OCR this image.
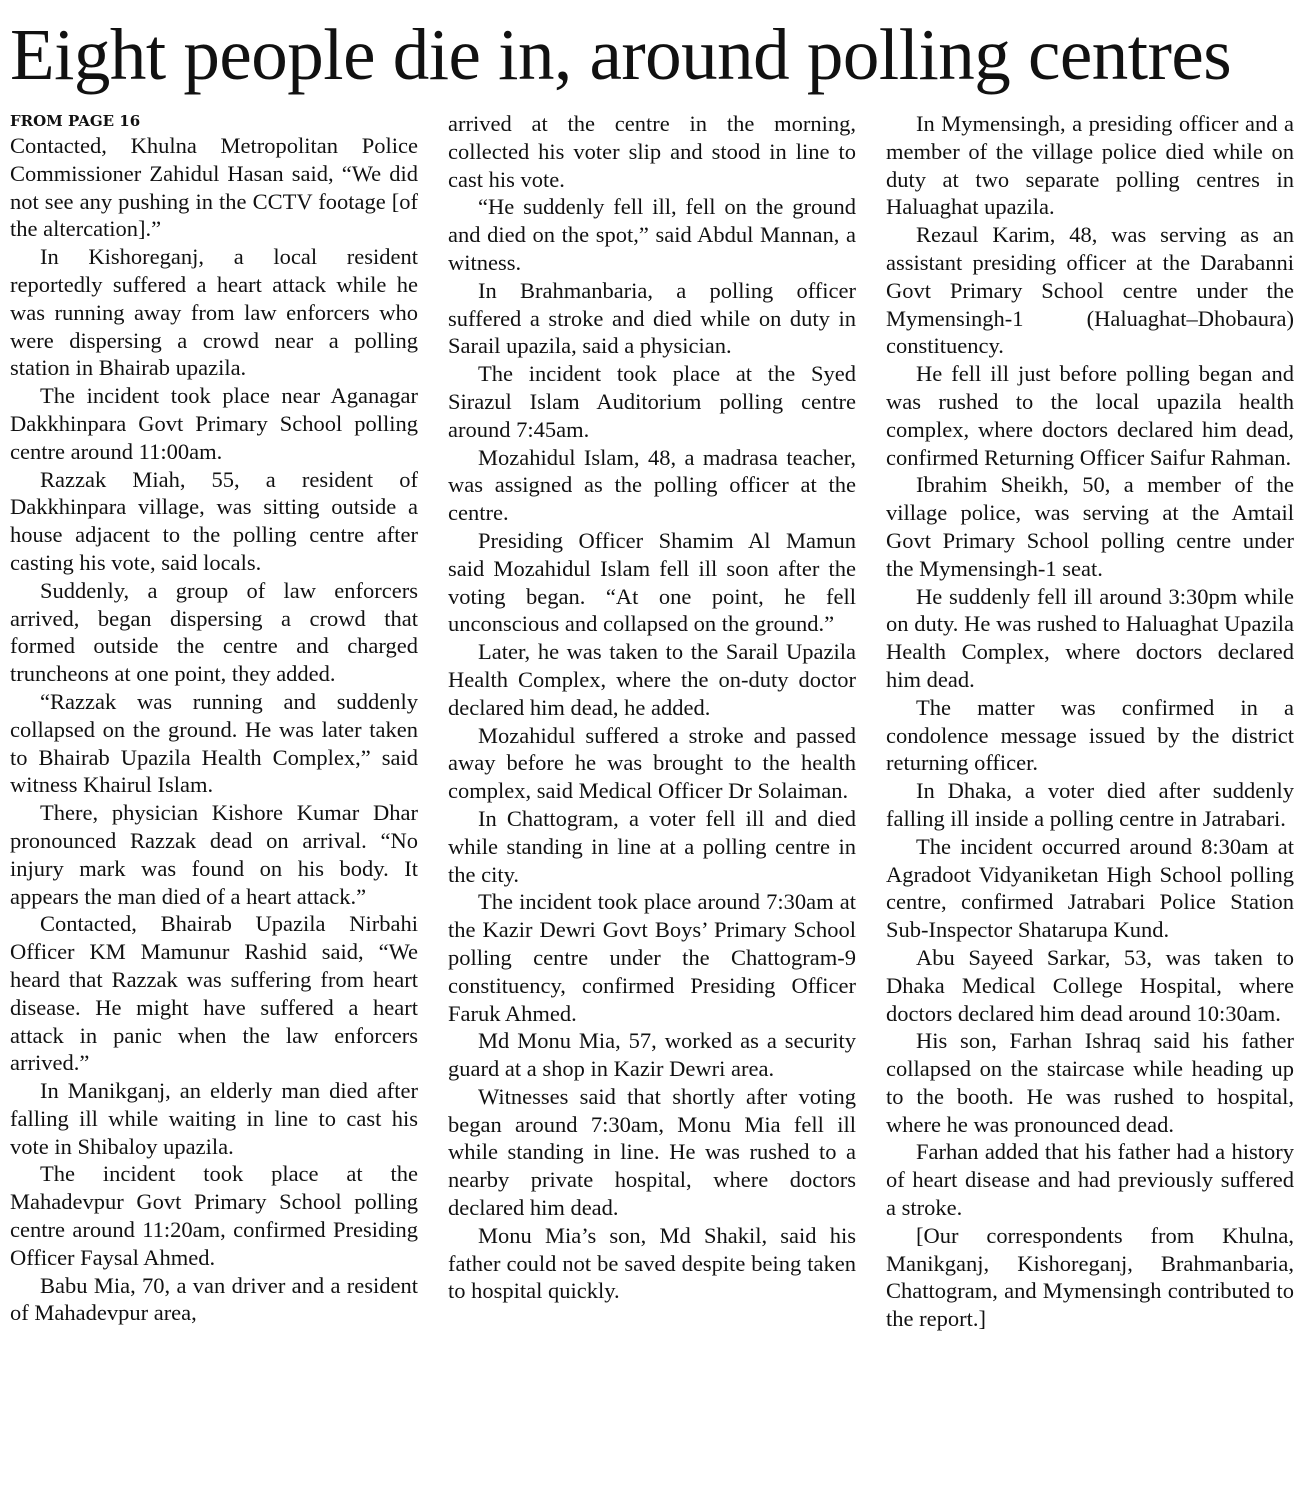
Eight people die in, around polling centres
FROM PAGE 16

Contacted, Khulna Metropolitan Police Commissioner Zahidul Hasan said, “We did not see any pushing in the CCTV footage [of the altercation].”

In Kishoreganj, a local resident reportedly suffered a heart attack while he was running away from law enforcers who were dispersing a crowd near a polling station in Bhairab upazila.

The incident took place near Aganagar Dakkhinpara Govt Primary School polling centre around 11:00am.

Razzak Miah, 55, a resident of Dakkhinpara village, was sitting outside a house adjacent to the polling centre after casting his vote, said locals.

Suddenly, a group of law enforcers arrived, began dispersing a crowd that formed outside the centre and charged truncheons at one point, they added.

“Razzak was running and suddenly collapsed on the ground. He was later taken to Bhairab Upazila Health Complex,” said witness Khairul Islam.

There, physician Kishore Kumar Dhar pronounced Razzak dead on arrival. “No injury mark was found on his body. It appears the man died of a heart attack.”

Contacted, Bhairab Upazila Nirbahi Officer KM Mamunur Rashid said, “We heard that Razzak was suffering from heart disease. He might have suffered a heart attack in panic when the law enforcers arrived.”

In Manikganj, an elderly man died after falling ill while waiting in line to cast his vote in Shibaloy upazila.

The incident took place at the Mahadevpur Govt Primary School polling centre around 11:20am, confirmed Presiding Officer Faysal Ahmed.

Babu Mia, 70, a van driver and a resident of Mahadevpur area,

arrived at the centre in the morning, collected his voter slip and stood in line to cast his vote.

“He suddenly fell ill, fell on the ground and died on the spot,” said Abdul Mannan, a witness.

In Brahmanbaria, a polling officer suffered a stroke and died while on duty in Sarail upazila, said a physician.

The incident took place at the Syed Sirazul Islam Auditorium polling centre around 7:45am.

Mozahidul Islam, 48, a madrasa teacher, was assigned as the polling officer at the centre.

Presiding Officer Shamim Al Mamun said Mozahidul Islam fell ill soon after the voting began. “At one point, he fell unconscious and collapsed on the ground.”

Later, he was taken to the Sarail Upazila Health Complex, where the on-duty doctor declared him dead, he added.

Mozahidul suffered a stroke and passed away before he was brought to the health complex, said Medical Officer Dr Solaiman.

In Chattogram, a voter fell ill and died while standing in line at a polling centre in the city.

The incident took place around 7:30am at the Kazir Dewri Govt Boys’ Primary School polling centre under the Chattogram-9 constituency, confirmed Presiding Officer Faruk Ahmed.

Md Monu Mia, 57, worked as a security guard at a shop in Kazir Dewri area.

Witnesses said that shortly after voting began around 7:30am, Monu Mia fell ill while standing in line. He was rushed to a nearby private hospital, where doctors declared him dead.

Monu Mia’s son, Md Shakil, said his father could not be saved despite being taken to hospital quickly.

In Mymensingh, a presiding officer and a member of the village police died while on duty at two separate polling centres in Haluaghat upazila.

Rezaul Karim, 48, was serving as an assistant presiding officer at the Darabanni Govt Primary School centre under the Mymensingh-1 (Haluaghat–Dhobaura) constituency.

He fell ill just before polling began and was rushed to the local upazila health complex, where doctors declared him dead, confirmed Returning Officer Saifur Rahman.

Ibrahim Sheikh, 50, a member of the village police, was serving at the Amtail Govt Primary School polling centre under the Mymensingh-1 seat.

He suddenly fell ill around 3:30pm while on duty. He was rushed to Haluaghat Upazila Health Complex, where doctors declared him dead.

The matter was confirmed in a condolence message issued by the district returning officer.

In Dhaka, a voter died after suddenly falling ill inside a polling centre in Jatrabari.

The incident occurred around 8:30am at Agradoot Vidyaniketan High School polling centre, confirmed Jatrabari Police Station Sub-Inspector Shatarupa Kund.

Abu Sayeed Sarkar, 53, was taken to Dhaka Medical College Hospital, where doctors declared him dead around 10:30am.

His son, Farhan Ishraq said his father collapsed on the staircase while heading up to the booth. He was rushed to hospital, where he was pronounced dead.

Farhan added that his father had a history of heart disease and had previously suffered a stroke.

[Our correspondents from Khulna, Manikganj, Kishoreganj, Brahmanbaria, Chattogram, and Mymensingh contributed to the report.]
